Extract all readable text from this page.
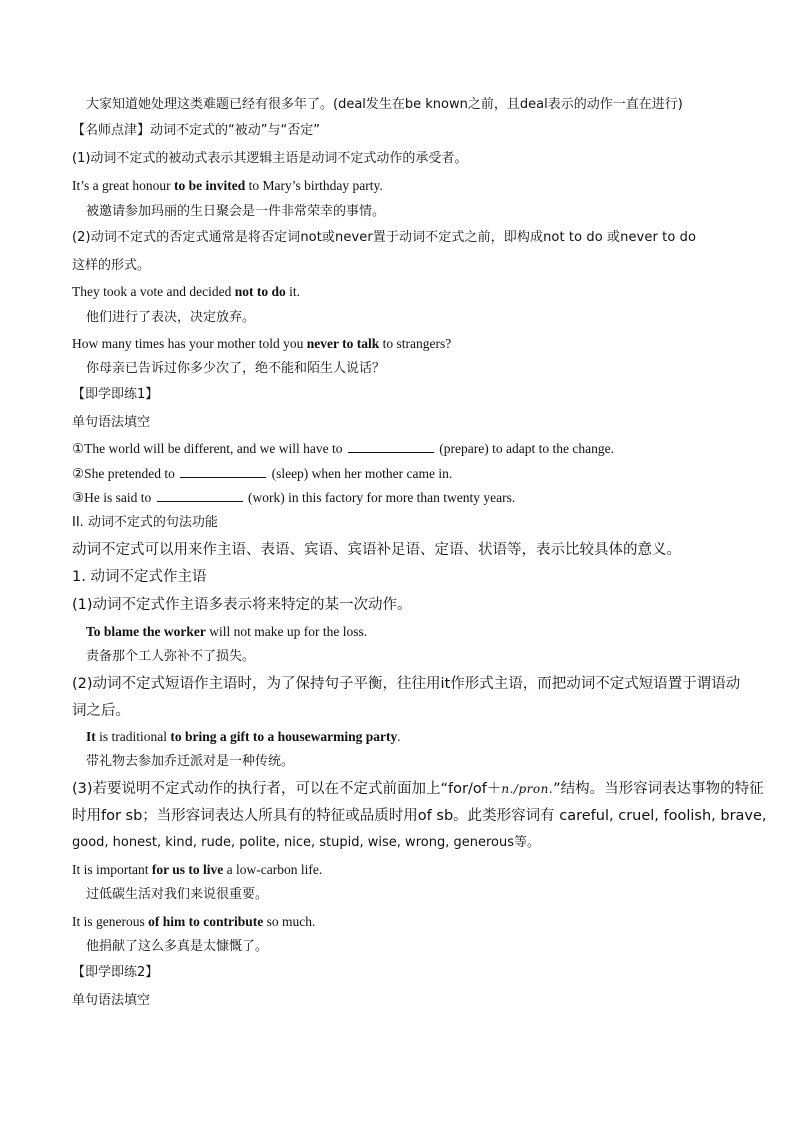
大家知道她处理这类难题已经有很多年了。(deal发生在be known之前，且deal表示的动作一直在进行)
【名师点津】动词不定式的“被动”与“否定”
(1)动词不定式的被动式表示其逻辑主语是动词不定式动作的承受者。
It’s a great honour to be invited to Mary’s birthday party.
被邀请参加玛丽的生日聚会是一件非常荣幸的事情。
(2)动词不定式的否定式通常是将否定词not或never置于动词不定式之前，即构成not to do 或never to do
这样的形式。
They took a vote and decided not to do it.
他们进行了表决，决定放弃。
How many times has your mother told you never to talk to strangers?
你母亲已告诉过你多少次了，绝不能和陌生人说话？
【即学即练1】
单句语法填空
①The world will be different, and we will have to	(prepare) to adapt to the change.
②She pretended to	(sleep) when her mother came in.
③He is said to	(work) in this factory for more than twenty years.
II. 动词不定式的句法功能
动词不定式可以用来作主语、表语、宾语、宾语补足语、定语、状语等，表示比较具体的意义。
1. 动词不定式作主语
(1)动词不定式作主语多表示将来特定的某一次动作。
To blame the worker will not make up for the loss.
责备那个工人弥补不了损失。
(2)动词不定式短语作主语时，为了保持句子平衡，往往用it作形式主语，而把动词不定式短语置于谓语动
词之后。
It is traditional to bring a gift to a housewarming party.
带礼物去参加乔迁派对是一种传统。
(3)若要说明不定式动作的执行者，可以在不定式前面加上“for/of＋n./pron.”结构。当形容词表达事物的特征
时用for sb；当形容词表达人所具有的特征或品质时用of sb。此类形容词有 careful, cruel, foolish, brave,
good, honest, kind, rude, polite, nice, stupid, wise, wrong, generous等。
It is important for us to live a low-carbon life.
过低碳生活对我们来说很重要。
It is generous of him to contribute so much.
他捐献了这么多真是太慷慨了。
【即学即练2】
单句语法填空
